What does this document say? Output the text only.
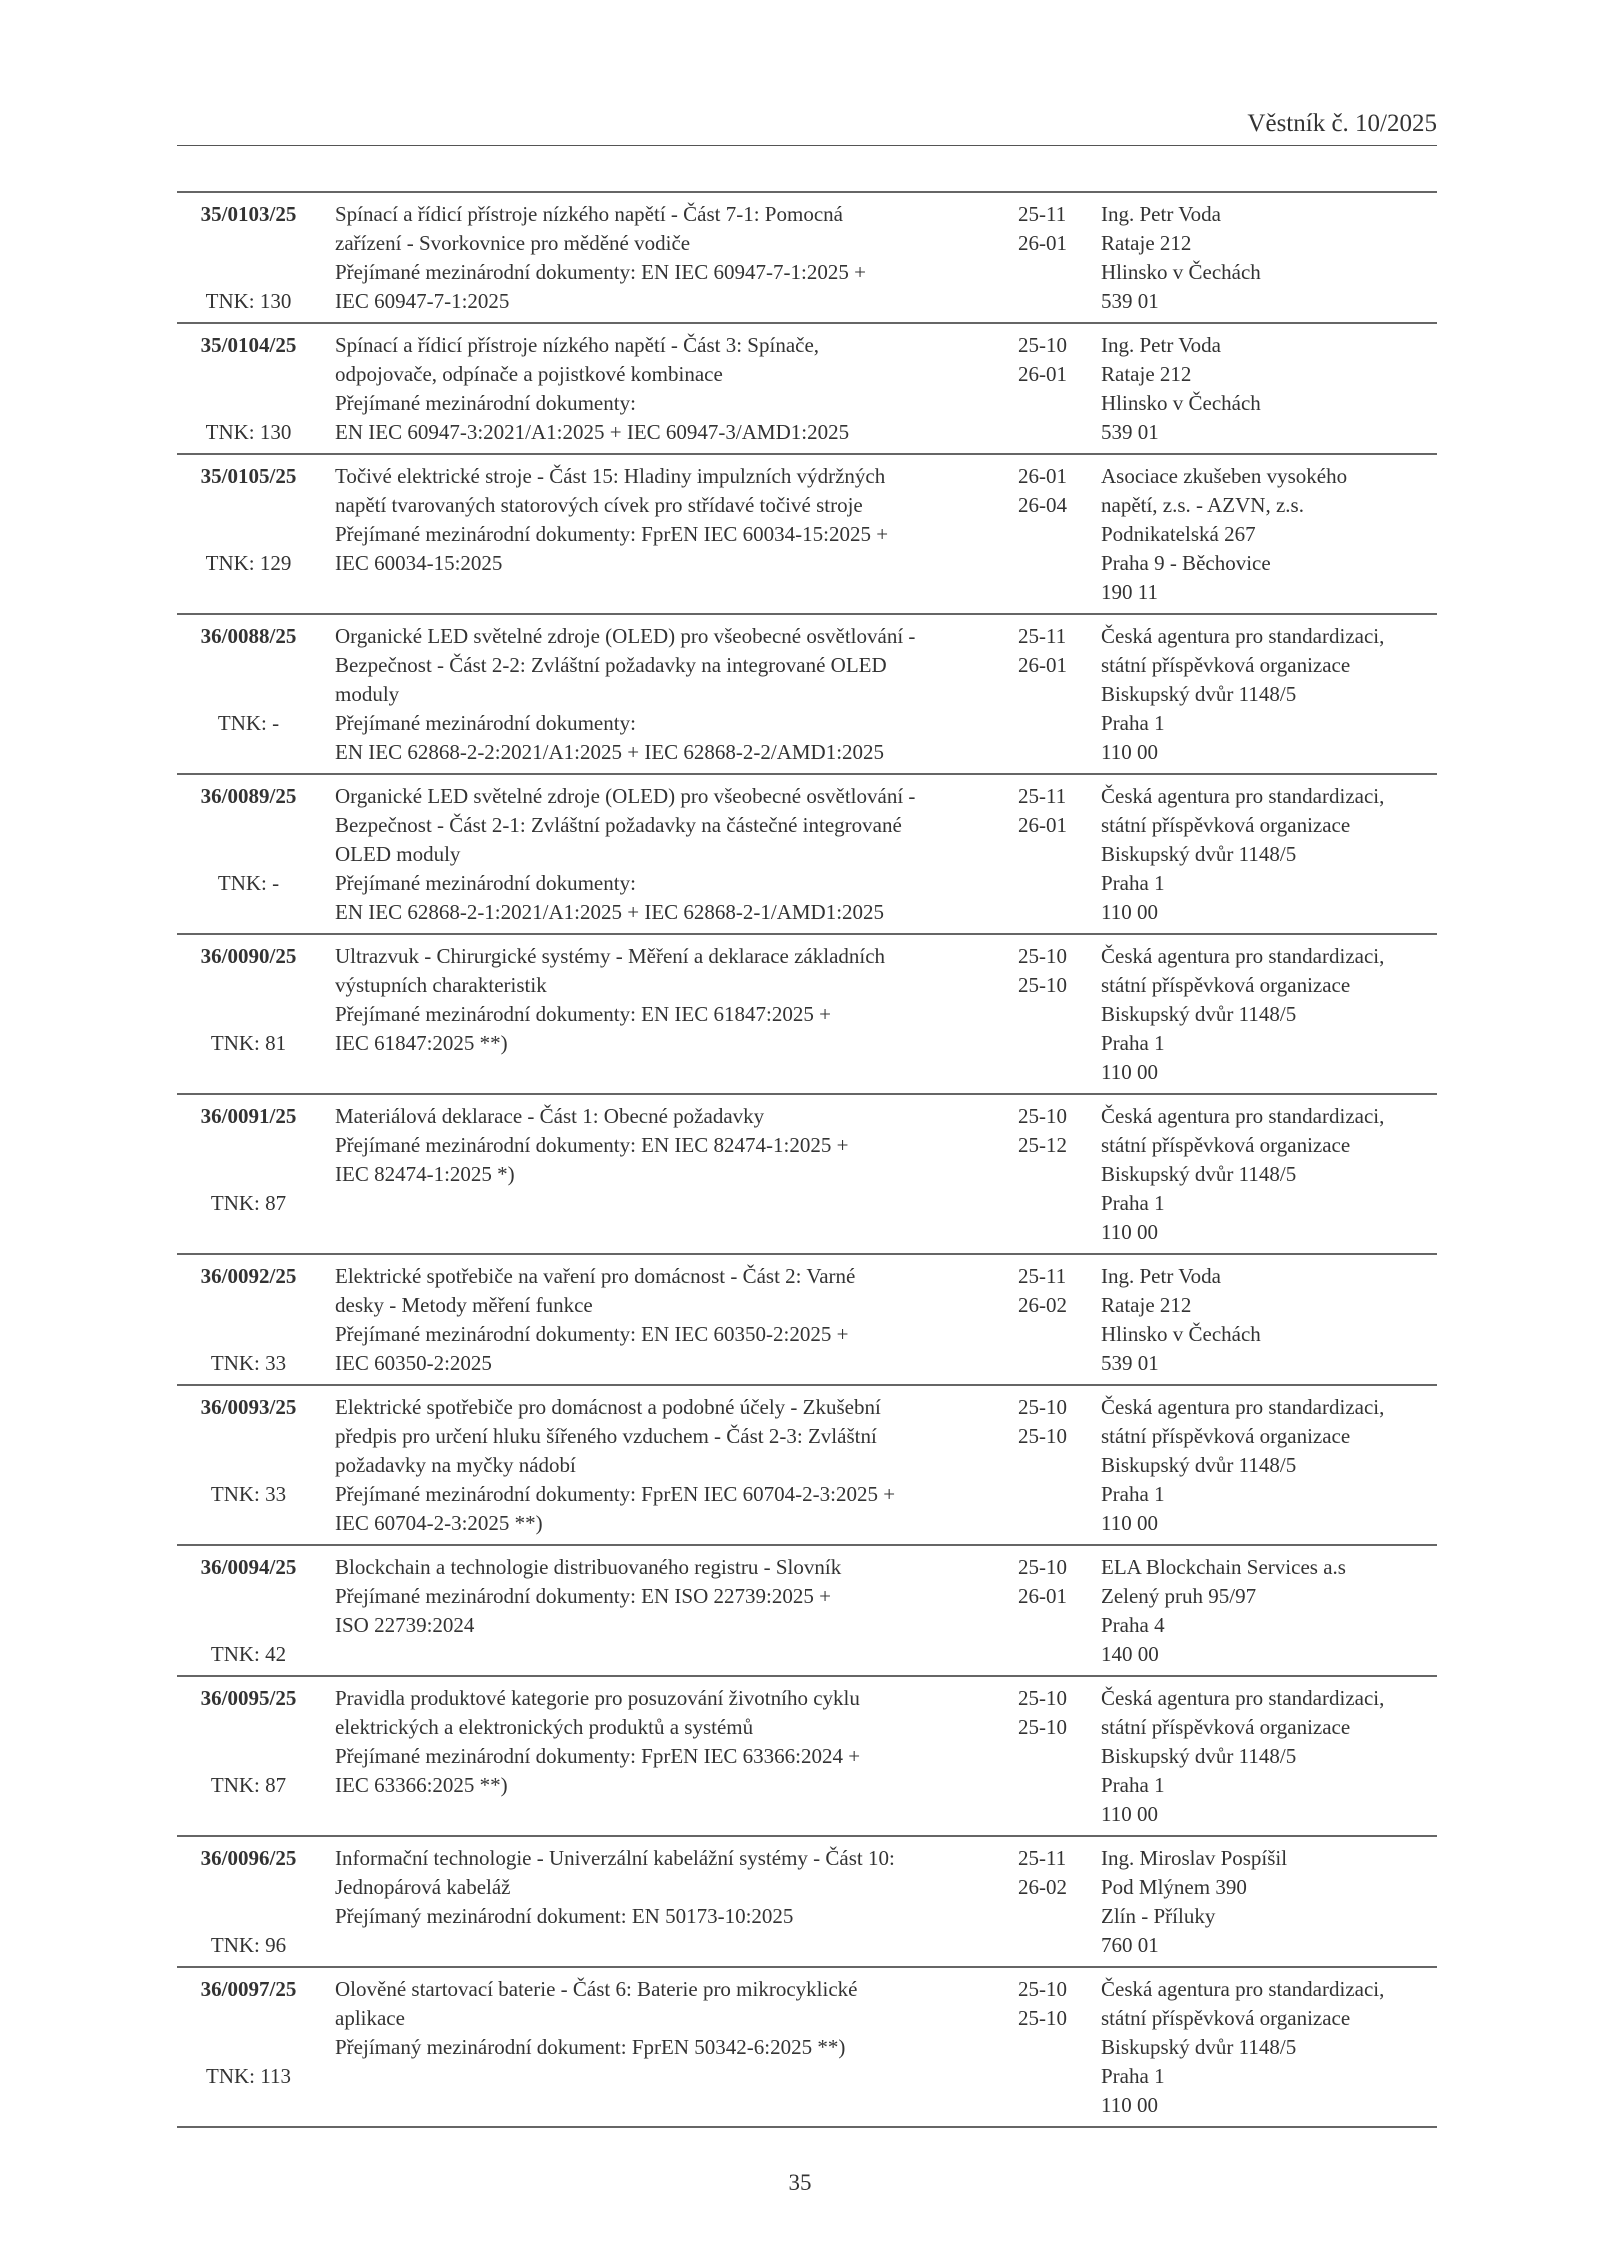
Věstník č. 10/2025
35/0103/25
TNK: 130
Spínací a řídicí přístroje nízkého napětí - Část 7-1: Pomocná
zařízení - Svorkovnice pro měděné vodiče
Přejímané mezinárodní dokumenty: EN IEC 60947-7-1:2025 +
IEC 60947-7-1:2025
25-11
26-01
Ing. Petr Voda
Rataje 212
Hlinsko v Čechách
539 01
35/0104/25
TNK: 130
Spínací a řídicí přístroje nízkého napětí - Část 3: Spínače,
odpojovače, odpínače a pojistkové kombinace
Přejímané mezinárodní dokumenty:
EN IEC 60947-3:2021/A1:2025 + IEC 60947-3/AMD1:2025
25-10
26-01
Ing. Petr Voda
Rataje 212
Hlinsko v Čechách
539 01
35/0105/25
TNK: 129
Točivé elektrické stroje - Část 15: Hladiny impulzních výdržných
napětí tvarovaných statorových cívek pro střídavé točivé stroje
Přejímané mezinárodní dokumenty: FprEN IEC 60034-15:2025 +
IEC 60034-15:2025
26-01
26-04
Asociace zkušeben vysokého
napětí, z.s. - AZVN, z.s.
Podnikatelská 267
Praha 9 - Běchovice
190 11
36/0088/25
TNK: -
Organické LED světelné zdroje (OLED) pro všeobecné osvětlování -
Bezpečnost - Část 2-2: Zvláštní požadavky na integrované OLED
moduly
Přejímané mezinárodní dokumenty:
EN IEC 62868-2-2:2021/A1:2025 + IEC 62868-2-2/AMD1:2025
25-11
26-01
Česká agentura pro standardizaci,
státní příspěvková organizace
Biskupský dvůr 1148/5
Praha 1
110 00
36/0089/25
TNK: -
Organické LED světelné zdroje (OLED) pro všeobecné osvětlování -
Bezpečnost - Část 2-1: Zvláštní požadavky na částečné integrované
OLED moduly
Přejímané mezinárodní dokumenty:
EN IEC 62868-2-1:2021/A1:2025 + IEC 62868-2-1/AMD1:2025
25-11
26-01
Česká agentura pro standardizaci,
státní příspěvková organizace
Biskupský dvůr 1148/5
Praha 1
110 00
36/0090/25
TNK: 81
Ultrazvuk - Chirurgické systémy - Měření a deklarace základních
výstupních charakteristik
Přejímané mezinárodní dokumenty: EN IEC 61847:2025 +
IEC 61847:2025 **)
25-10
25-10
Česká agentura pro standardizaci,
státní příspěvková organizace
Biskupský dvůr 1148/5
Praha 1
110 00
36/0091/25
TNK: 87
Materiálová deklarace - Část 1: Obecné požadavky
Přejímané mezinárodní dokumenty: EN IEC 82474-1:2025 +
IEC 82474-1:2025 *)
25-10
25-12
Česká agentura pro standardizaci,
státní příspěvková organizace
Biskupský dvůr 1148/5
Praha 1
110 00
36/0092/25
TNK: 33
Elektrické spotřebiče na vaření pro domácnost - Část 2: Varné
desky - Metody měření funkce
Přejímané mezinárodní dokumenty: EN IEC 60350-2:2025 +
IEC 60350-2:2025
25-11
26-02
Ing. Petr Voda
Rataje 212
Hlinsko v Čechách
539 01
36/0093/25
TNK: 33
Elektrické spotřebiče pro domácnost a podobné účely - Zkušební
předpis pro určení hluku šířeného vzduchem - Část 2-3: Zvláštní
požadavky na myčky nádobí
Přejímané mezinárodní dokumenty: FprEN IEC 60704-2-3:2025 +
IEC 60704-2-3:2025 **)
25-10
25-10
Česká agentura pro standardizaci,
státní příspěvková organizace
Biskupský dvůr 1148/5
Praha 1
110 00
36/0094/25
TNK: 42
Blockchain a technologie distribuovaného registru - Slovník
Přejímané mezinárodní dokumenty: EN ISO 22739:2025 +
ISO 22739:2024
25-10
26-01
ELA Blockchain Services a.s
Zelený pruh 95/97
Praha 4
140 00
36/0095/25
TNK: 87
Pravidla produktové kategorie pro posuzování životního cyklu
elektrických a elektronických produktů a systémů
Přejímané mezinárodní dokumenty: FprEN IEC 63366:2024 +
IEC 63366:2025 **)
25-10
25-10
Česká agentura pro standardizaci,
státní příspěvková organizace
Biskupský dvůr 1148/5
Praha 1
110 00
36/0096/25
TNK: 96
Informační technologie - Univerzální kabelážní systémy - Část 10:
Jednopárová kabeláž
Přejímaný mezinárodní dokument: EN 50173-10:2025
25-11
26-02
Ing. Miroslav Pospíšil
Pod Mlýnem 390
Zlín - Příluky
760 01
36/0097/25
TNK: 113
Olověné startovací baterie - Část 6: Baterie pro mikrocyklické
aplikace
Přejímaný mezinárodní dokument: FprEN 50342-6:2025 **)
25-10
25-10
Česká agentura pro standardizaci,
státní příspěvková organizace
Biskupský dvůr 1148/5
Praha 1
110 00
35
